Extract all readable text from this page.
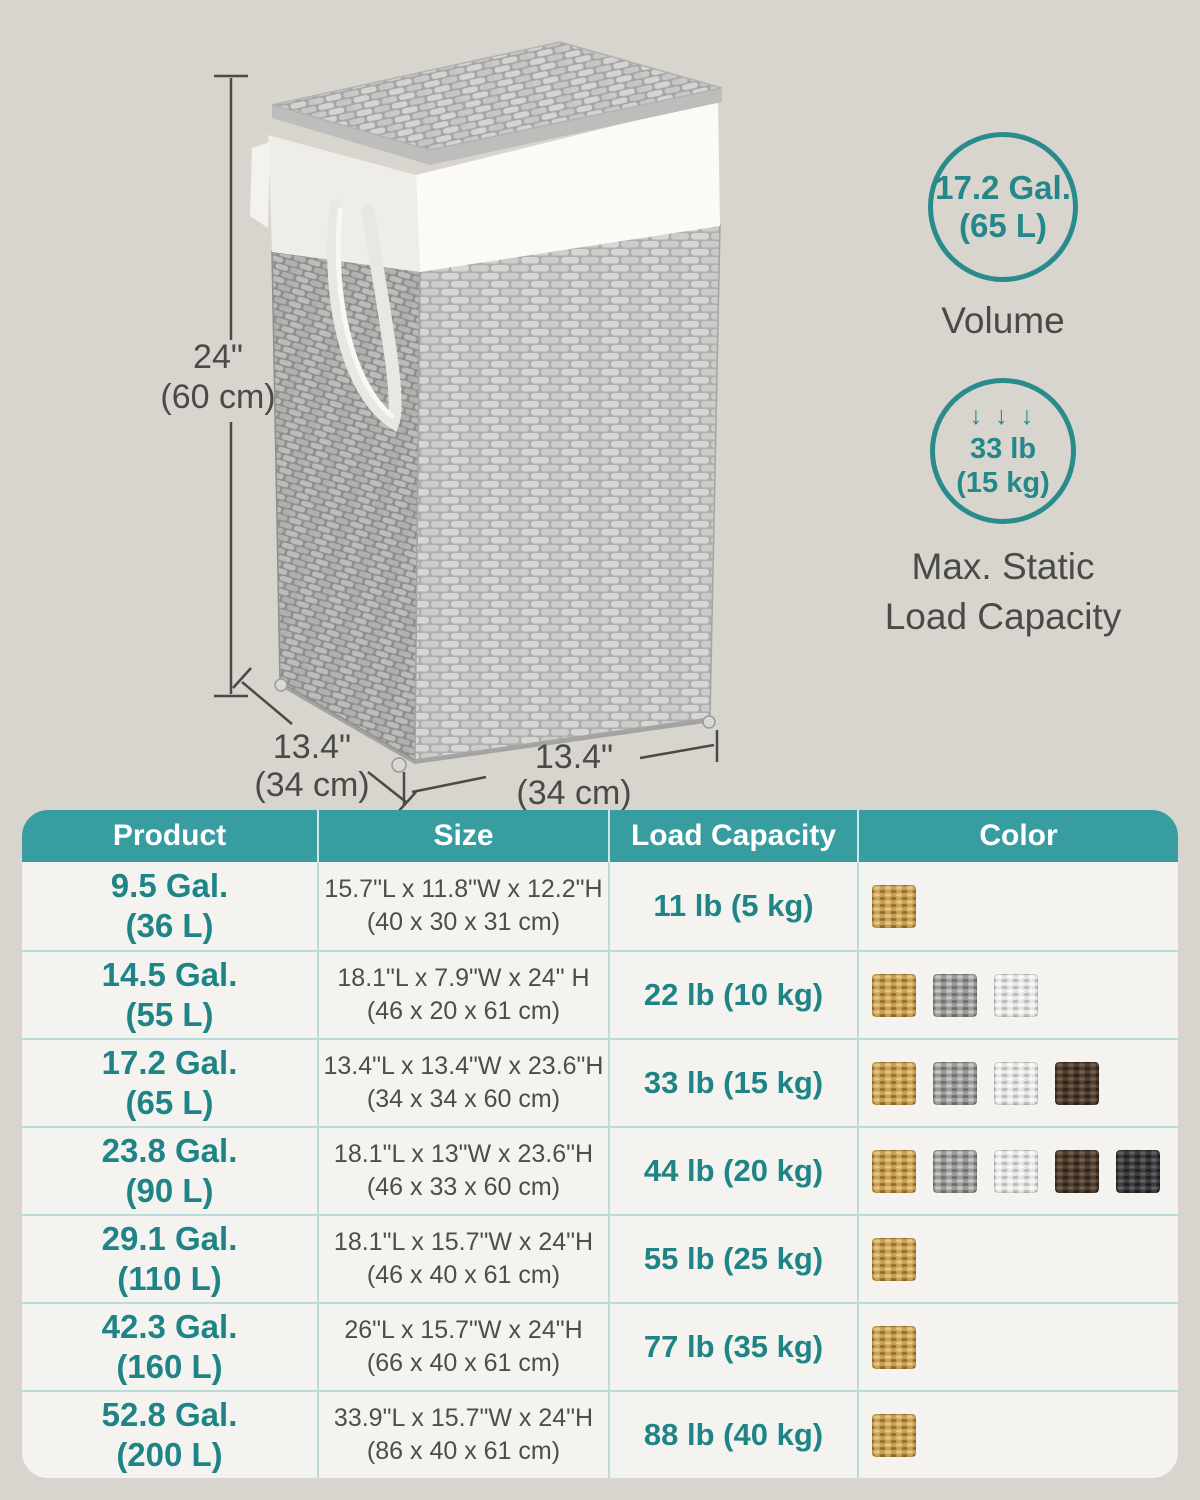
24"
(60 cm)
13.4"
(34 cm)
13.4"
(34 cm)
17.2 Gal.
(65 L)
Volume
↓ ↓ ↓
33 lb
(15 kg)
Max. Static
Load Capacity
Product	Size	Load Capacity	Color
9.5 Gal.
(36 L)
15.7"L x 11.8"W x 12.2"H
(40 x 30 x 31 cm)	11 lb (5 kg)
14.5 Gal.
(55 L)
18.1"L x 7.9"W x 24" H
(46 x 20 x 61 cm)	22 lb (10 kg)
17.2 Gal.
(65 L)
13.4"L x 13.4"W x 23.6"H
(34 x 34 x 60 cm)	33 lb (15 kg)
23.8 Gal.
(90 L)
18.1"L x 13"W x 23.6"H
(46 x 33 x 60 cm)	44 lb (20 kg)
29.1 Gal.
(110 L)
18.1"L x 15.7"W x 24"H
(46 x 40 x 61 cm)	55 lb (25 kg)
42.3 Gal.
(160 L)
26"L x 15.7"W x 24"H
(66 x 40 x 61 cm)	77 lb (35 kg)
52.8 Gal.
(200 L)
33.9"L x 15.7"W x 24"H
(86 x 40 x 61 cm)	88 lb (40 kg)
